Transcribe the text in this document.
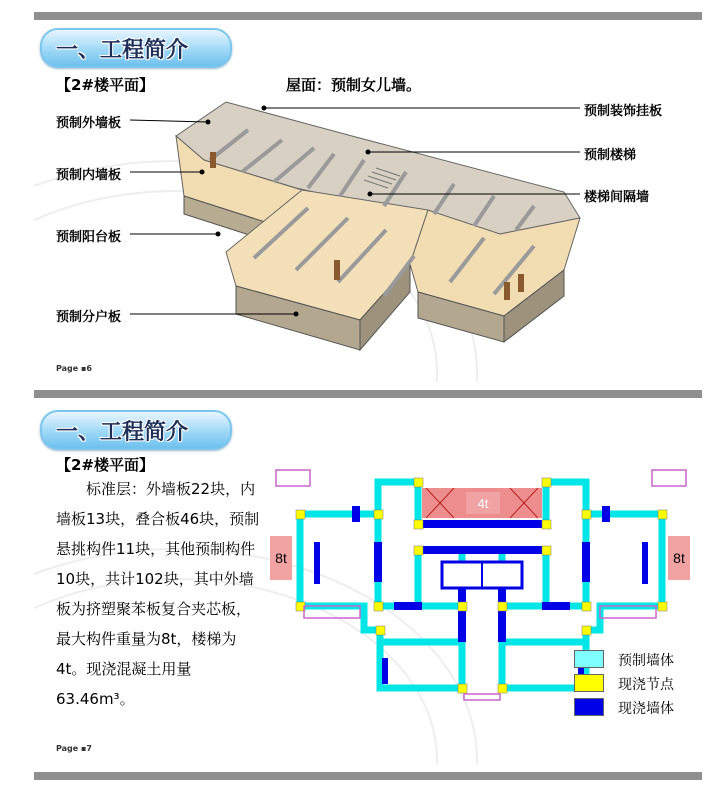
一、工程简介
【2#楼平面】	屋面：预制女儿墙。
预制外墙板
预制内墙板
预制阳台板
预制分户板
预制装饰挂板
预制楼梯
楼梯间隔墙
Page ▪6
一、工程简介
【2#楼平面】
标准层：外墙板22块，内墙板13块，叠合板46块，预制悬挑构件11块，其他预制构件10块，共计102块，其中外墙板为挤塑聚苯板复合夹芯板，最大构件重量为8t，楼梯为4t。现浇混凝土用量63.46m³。
8t
4t
8t
预制墙体
现浇节点
现浇墙体
Page ▪7
